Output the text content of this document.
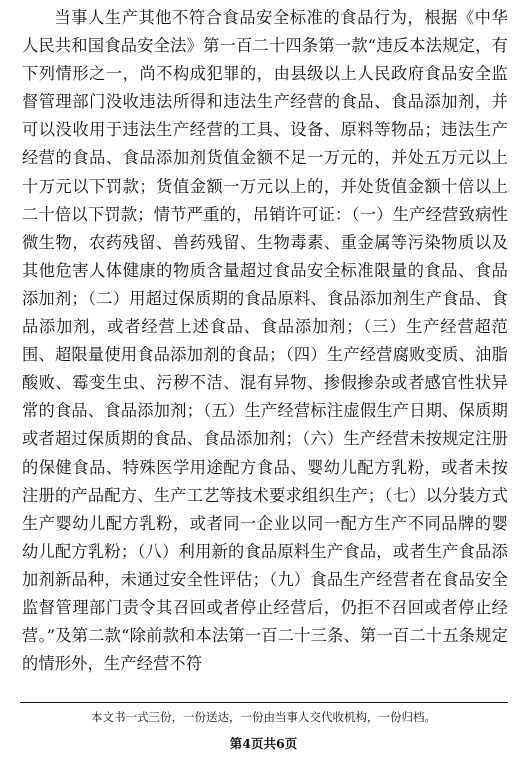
当事人生产其他不符合食品安全标准的食品行为，根据《中华人民共和国食品安全法》第一百二十四条第一款“违反本法规定，有下列情形之一，尚不构成犯罪的，由县级以上人民政府食品安全监督管理部门没收违法所得和违法生产经营的食品、食品添加剂，并可以没收用于违法生产经营的工具、设备、原料等物品；违法生产经营的食品、食品添加剂货值金额不足一万元的，并处五万元以上十万元以下罚款；货值金额一万元以上的，并处货值金额十倍以上二十倍以下罚款；情节严重的，吊销许可证：（一）生产经营致病性微生物，农药残留、兽药残留、生物毒素、重金属等污染物质以及其他危害人体健康的物质含量超过食品安全标准限量的食品、食品添加剂；（二）用超过保质期的食品原料、食品添加剂生产食品、食品添加剂，或者经营上述食品、食品添加剂；（三）生产经营超范围、超限量使用食品添加剂的食品；（四）生产经营腐败变质、油脂酸败、霉变生虫、污秽不洁、混有异物、掺假掺杂或者感官性状异常的食品、食品添加剂；（五）生产经营标注虚假生产日期、保质期或者超过保质期的食品、食品添加剂；（六）生产经营未按规定注册的保健食品、特殊医学用途配方食品、婴幼儿配方乳粉，或者未按注册的产品配方、生产工艺等技术要求组织生产；（七）以分装方式生产婴幼儿配方乳粉，或者同一企业以同一配方生产不同品牌的婴幼儿配方乳粉；（八）利用新的食品原料生产食品，或者生产食品添加剂新品种，未通过安全性评估；（九）食品生产经营者在食品安全监督管理部门责令其召回或者停止经营后，仍拒不召回或者停止经营。”及第二款“除前款和本法第一百二十三条、第一百二十五条规定的情形外，生产经营不符

本文书一式三份，一份送达，一份由当事人交代收机构，一份归档。
第4页共6页
